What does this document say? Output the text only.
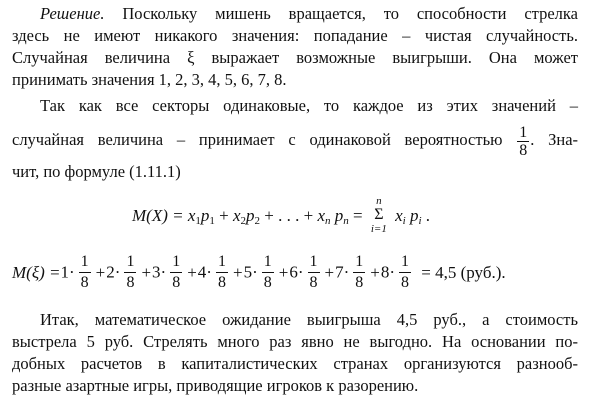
Решение. Поскольку мишень вращается, то способности стрелка
здесь не имеют никакого значения: попадание – чистая случайность.
Случайная величина ξ выражает возможные выигрыши. Она может
принимать значения 1, 2, 3, 4, 5, 6, 7, 8.
Так как все секторы одинаковые, то каждое из этих значений –
случайная величина – принимает с одинаковой вероятностью $\frac{1}{8}$ . Зна-
чит, по формуле (1.11.1)
$M(X) = x_1p_1 + x_2p_2$ + . . . + $x_n$ $p_n$ =
n
Σ
i=1
$x_i$ $p_i$ .
$M(\xi) =1\cdot \frac{1}{8} +2\cdot \frac{1}{8} +3\cdot \frac{1}{8} +4\cdot \frac{1}{8} +5\cdot \frac{1}{8} +6\cdot \frac{1}{8} +7\cdot \frac{1}{8} +8\cdot \frac{1}{8} = 4,5$ (руб.).
Итак, математическое ожидание выигрыша 4,5 руб., а стоимость
выстрела 5 руб. Стрелять много раз явно не выгодно. На основании по-
добных расчетов в капиталистических странах организуются разнооб-
разные азартные игры, приводящие игроков к разорению.
